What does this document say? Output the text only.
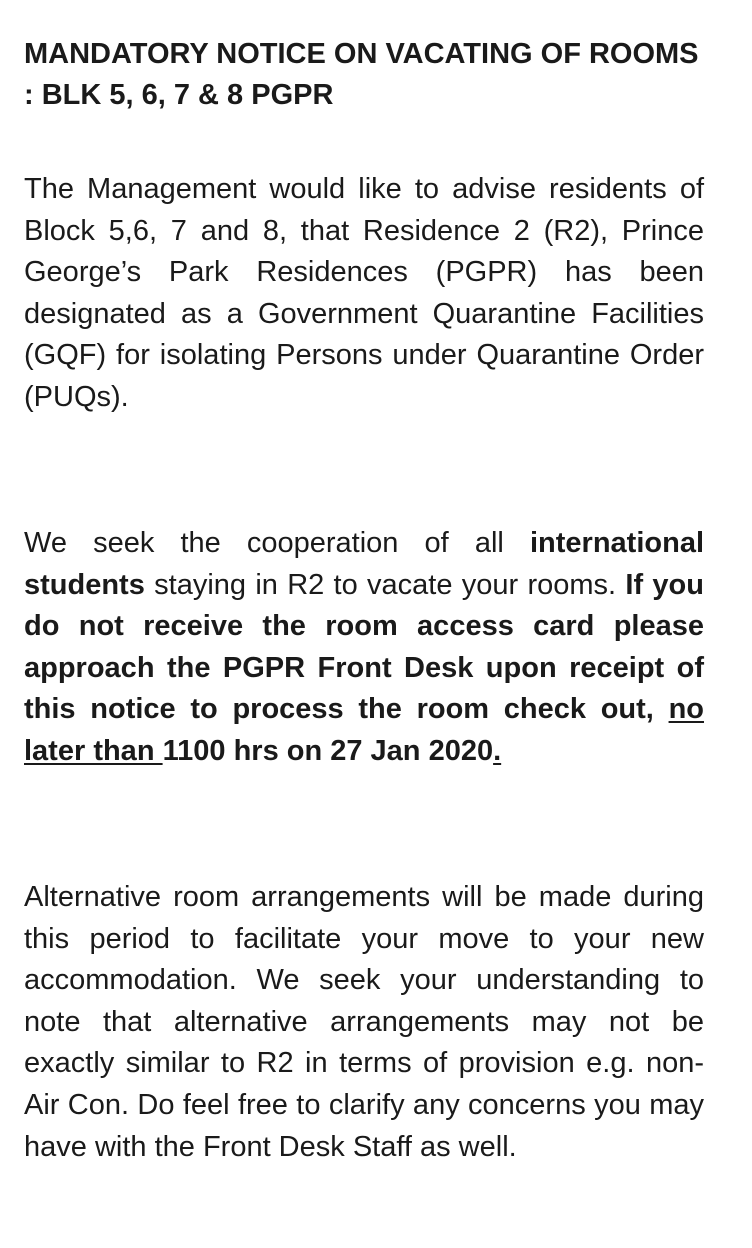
MANDATORY NOTICE ON VACATING OF ROOMS : BLK 5, 6, 7 & 8 PGPR

The Management would like to advise residents of Block 5,6, 7 and 8, that Residence 2 (R2), Prince George’s Park Residences (PGPR) has been designated as a Government Quarantine Facilities (GQF) for isolating Persons under Quarantine Order (PUQs).

We seek the cooperation of all international students staying in R2 to vacate your rooms. If you do not receive the room access card please approach the PGPR Front Desk upon receipt of this notice to process the room check out, no later than 1100 hrs on 27 Jan 2020.

Alternative room arrangements will be made during this period to facilitate your move to your new accommodation. We seek your understanding to note that alternative arrangements may not be exactly similar to R2 in terms of provision e.g. non-Air Con. Do feel free to clarify any concerns you may have with the Front Desk Staff as well.
